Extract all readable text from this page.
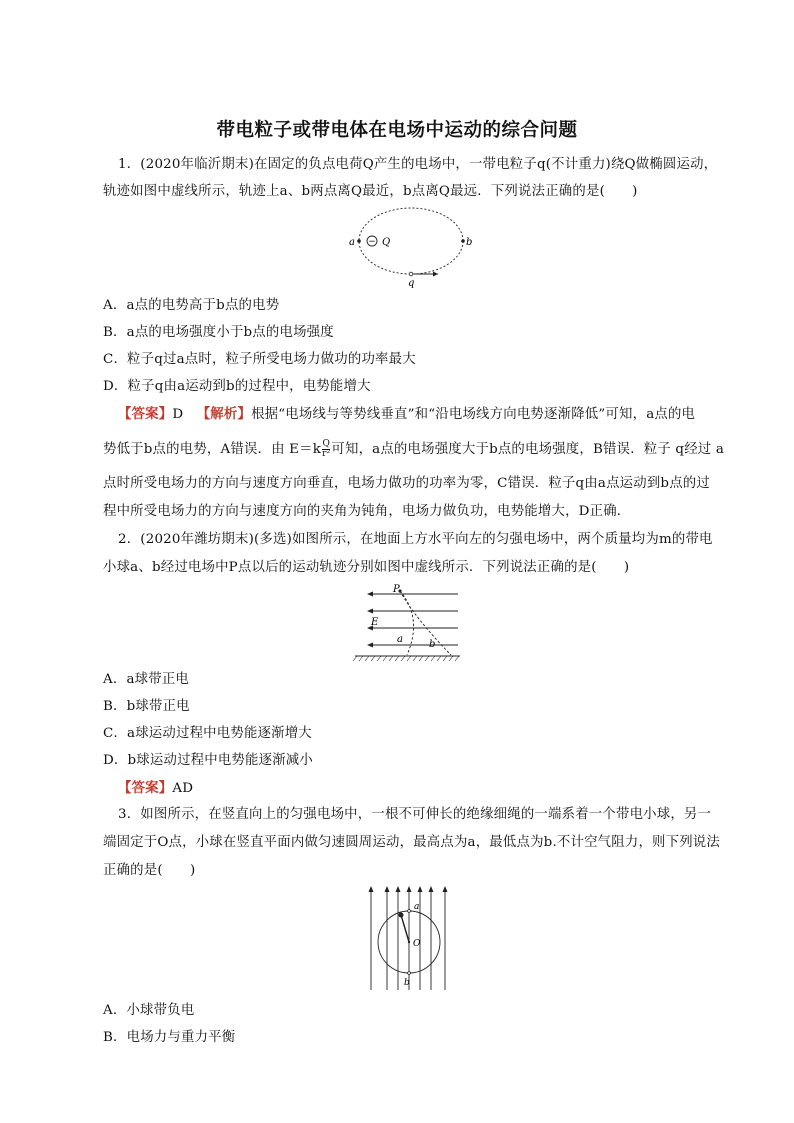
带电粒子或带电体在电场中运动的综合问题
1．(2020年临沂期末)在固定的负点电荷Q产生的电场中，一带电粒子q(不计重力)绕Q做椭圆运动，
轨迹如图中虚线所示，轨迹上a、b两点离Q最近，b点离Q最远．下列说法正确的是(　　)
− Q
a	b
q
A．a点的电势高于b点的电势
B．a点的电场强度小于b点的电场强度
C．粒子q过a点时，粒子所受电场力做功的功率最大
D．粒子q由a运动到b的过程中，电势能增大
【答案】D 【解析】根据“电场线与等势线垂直”和“沿电场线方向电势逐渐降低”可知，a点的电
势低于b点的电势，A错误．由 $E=k \frac{Q}{\text{r²}}$ 可知，a点的电场强度大于b点的电场强度，B错误．粒子 q经过 a
点时所受电场力的方向与速度方向垂直，电场力做功的功率为零，C错误．粒子q由a点运动到b点的过
程中所受电场力的方向与速度方向的夹角为钝角，电场力做负功，电势能增大，D正确．
2．(2020年潍坊期末)(多选)如图所示，在地面上方水平向左的匀强电场中，两个质量均为m的带电
小球a、b经过电场中P点以后的运动轨迹分别如图中虚线所示．下列说法正确的是(　　)
P
E
a	b
A．a球带正电
B．b球带正电
C．a球运动过程中电势能逐渐增大
D．b球运动过程中电势能逐渐减小
【答案】AD
3．如图所示，在竖直向上的匀强电场中，一根不可伸长的绝缘细绳的一端系着一个带电小球，另一
端固定于O点，小球在竖直平面内做匀速圆周运动，最高点为a，最低点为b.不计空气阻力，则下列说法
正确的是(　　)
a
O
b
A．小球带负电
B．电场力与重力平衡
